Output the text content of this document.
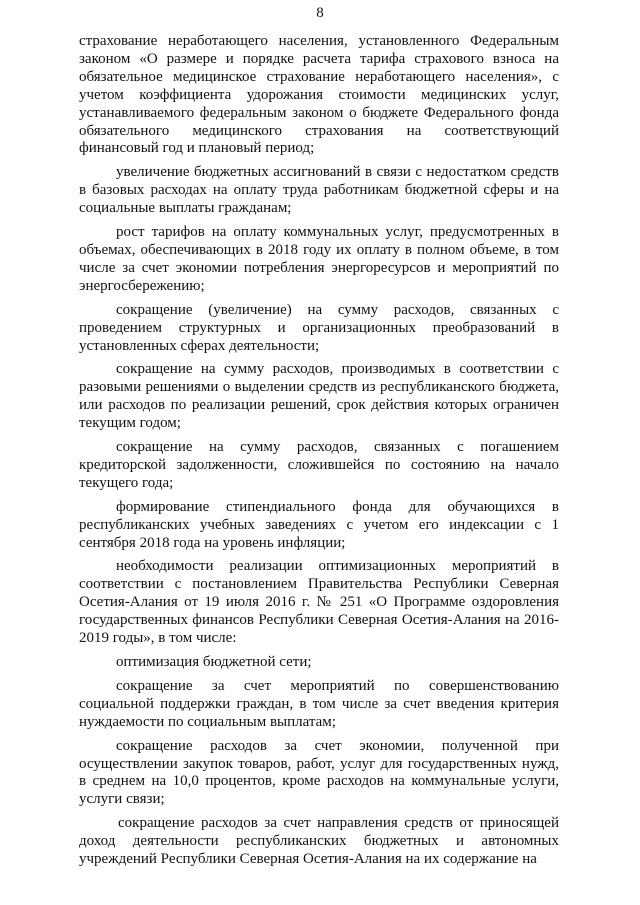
8

страхование неработающего населения, установленного Федеральным законом «О размере и порядке расчета тарифа страхового взноса на обязательное медицинское страхование неработающего населения», с учетом коэффициента удорожания стоимости медицинских услуг, устанавливаемого федеральным законом о бюджете Федерального фонда обязательного медицинского страхования на соответствующий финансовый год и плановый период;

увеличение бюджетных ассигнований в связи с недостатком средств в базовых расходах на оплату труда работникам бюджетной сферы и на социальные выплаты гражданам;

рост тарифов на оплату коммунальных услуг, предусмотренных в объемах, обеспечивающих в 2018 году их оплату в полном объеме, в том числе за счет экономии потребления энергоресурсов и мероприятий по энергосбережению;

сокращение (увеличение) на сумму расходов, связанных с проведением структурных и организационных преобразований в установленных сферах деятельности;

сокращение на сумму расходов, производимых в соответствии с разовыми решениями о выделении средств из республиканского бюджета, или расходов по реализации решений, срок действия которых ограничен текущим годом;

сокращение на сумму расходов, связанных с погашением кредиторской задолженности, сложившейся по состоянию на начало текущего года;

формирование стипендиального фонда для обучающихся в республиканских учебных заведениях с учетом его индексации с 1 сентября 2018 года на уровень инфляции;

необходимости реализации оптимизационных мероприятий в соответствии с постановлением Правительства Республики Северная Осетия-Алания от 19 июля 2016 г. № 251 «О Программе оздоровления государственных финансов Республики Северная Осетия-Алания на 2016-2019 годы», в том числе:

оптимизация бюджетной сети;

сокращение за счет мероприятий по совершенствованию социальной поддержки граждан, в том числе за счет введения критерия нуждаемости по социальным выплатам;

сокращение расходов за счет экономии, полученной при осуществлении закупок товаров, работ, услуг для государственных нужд, в среднем на 10,0 процентов, кроме расходов на коммунальные услуги, услуги связи;

сокращение расходов за счет направления средств от приносящей доход деятельности республиканских бюджетных и автономных учреждений Республики Северная Осетия-Алания на их содержание на
